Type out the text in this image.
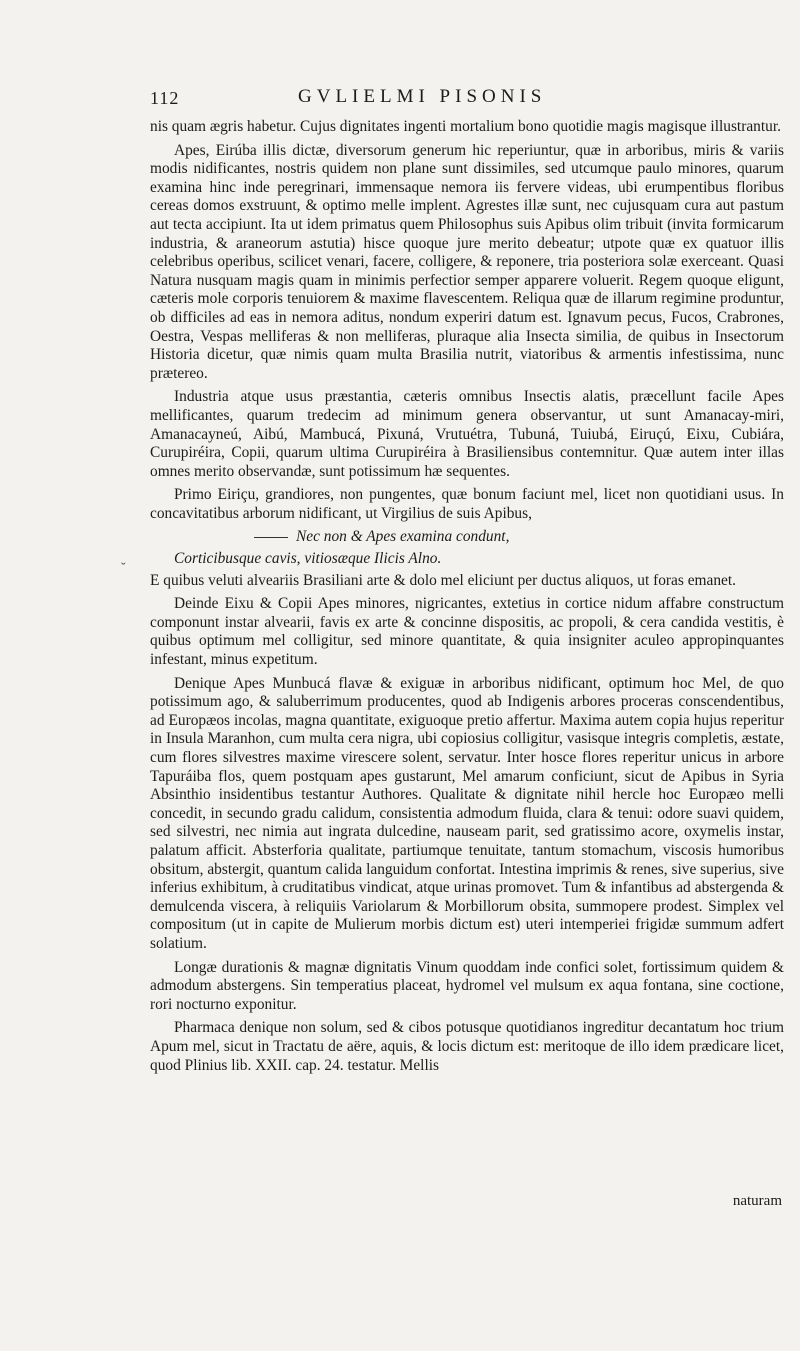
112	GVLIELMI PISONIS
˘

nis quam ægris habetur. Cujus dignitates ingenti mortalium bono quotidie magis magisque illustrantur.

Apes, Eirúba illis dictæ, diversorum generum hic reperiuntur, quæ in arboribus, miris & variis modis nidificantes, nostris quidem non plane sunt dissimiles, sed utcumque paulo minores, quarum examina hinc inde peregrinari, immensaque nemora iis fervere videas, ubi erumpentibus floribus cereas domos exstruunt, & optimo melle implent. Agrestes illæ sunt, nec cujusquam cura aut pastum aut tecta accipiunt. Ita ut idem primatus quem Philosophus suis Apibus olim tribuit (invita formicarum industria, & araneorum astutia) hisce quoque jure merito debeatur; utpote quæ ex quatuor illis celebribus operibus, scilicet venari, facere, colligere, & reponere, tria posteriora solæ exerceant. Quasi Natura nusquam magis quam in minimis perfectior semper apparere voluerit. Regem quoque eligunt, cæteris mole corporis tenuiorem & maxime flavescentem. Reliqua quæ de illarum regimine produntur, ob difficiles ad eas in nemora aditus, nondum experiri datum est. Ignavum pecus, Fucos, Crabrones, Oestra, Vespas melliferas & non melliferas, pluraque alia Insecta similia, de quibus in Insectorum Historia dicetur, quæ nimis quam multa Brasilia nutrit, viatoribus & armentis infestissima, nunc prætereo.

Industria atque usus præstantia, cæteris omnibus Insectis alatis, præcellunt facile Apes mellificantes, quarum tredecim ad minimum genera observantur, ut sunt Amanacay-miri, Amanacayneú, Aibú, Mambucá, Pixuná, Vrutuétra, Tubuná, Tuiubá, Eiruçú, Eixu, Cubiára, Curupiréira, Copii, quarum ultima Curupiréira à Brasiliensibus contemnitur. Quæ autem inter illas omnes merito observandæ, sunt potissimum hæ sequentes.

Primo Eiriçu, grandiores, non pungentes, quæ bonum faciunt mel, licet non quotidiani usus. In concavitatibus arborum nidificant, ut Virgilius de suis Apibus,

Nec non & Apes examina condunt,
Corticibusque cavis, vitiosæque Ilicis Alno.

E quibus veluti alveariis Brasiliani arte & dolo mel eliciunt per ductus aliquos, ut foras emanet.

Deinde Eixu & Copii Apes minores, nigricantes, extetius in cortice nidum affabre constructum componunt instar alvearii, favis ex arte & concinne dispositis, ac propoli, & cera candida vestitis, è quibus optimum mel colligitur, sed minore quantitate, & quia insigniter aculeo appropinquantes infestant, minus expetitum.

Denique Apes Munbucá flavæ & exiguæ in arboribus nidificant, optimum hoc Mel, de quo potissimum ago, & saluberrimum producentes, quod ab Indigenis arbores proceras conscendentibus, ad Europæos incolas, magna quantitate, exiguoque pretio affertur. Maxima autem copia hujus reperitur in Insula Maranhon, cum multa cera nigra, ubi copiosius colligitur, vasisque integris completis, æstate, cum flores silvestres maxime virescere solent, servatur. Inter hosce flores reperitur unicus in arbore Tapuráiba flos, quem postquam apes gustarunt, Mel amarum conficiunt, sicut de Apibus in Syria Absinthio insidentibus testantur Authores. Qualitate & dignitate nihil hercle hoc Europæo melli concedit, in secundo gradu calidum, consistentia admodum fluida, clara & tenui: odore suavi quidem, sed silvestri, nec nimia aut ingrata dulcedine, nauseam parit, sed gratissimo acore, oxymelis instar, palatum afficit. Absterforia qualitate, partiumque tenuitate, tantum stomachum, viscosis humoribus obsitum, abstergit, quantum calida languidum confortat. Intestina imprimis & renes, sive superius, sive inferius exhibitum, à cruditatibus vindicat, atque urinas promovet. Tum & infantibus ad abstergenda & demulcenda viscera, à reliquiis Variolarum & Morbillorum obsita, summopere prodest. Simplex vel compositum (ut in capite de Mulierum morbis dictum est) uteri intemperiei frigidæ summum adfert solatium.

Longæ durationis & magnæ dignitatis Vinum quoddam inde confici solet, fortissimum quidem & admodum abstergens. Sin temperatius placeat, hydromel vel mulsum ex aqua fontana, sine coctione, rori nocturno exponitur.

Pharmaca denique non solum, sed & cibos potusque quotidianos ingreditur decantatum hoc trium Apum mel, sicut in Tractatu de aëre, aquis, & locis dictum est: meritoque de illo idem prædicare licet, quod Plinius lib. XXII. cap. 24. testatur. Mellis

naturam
